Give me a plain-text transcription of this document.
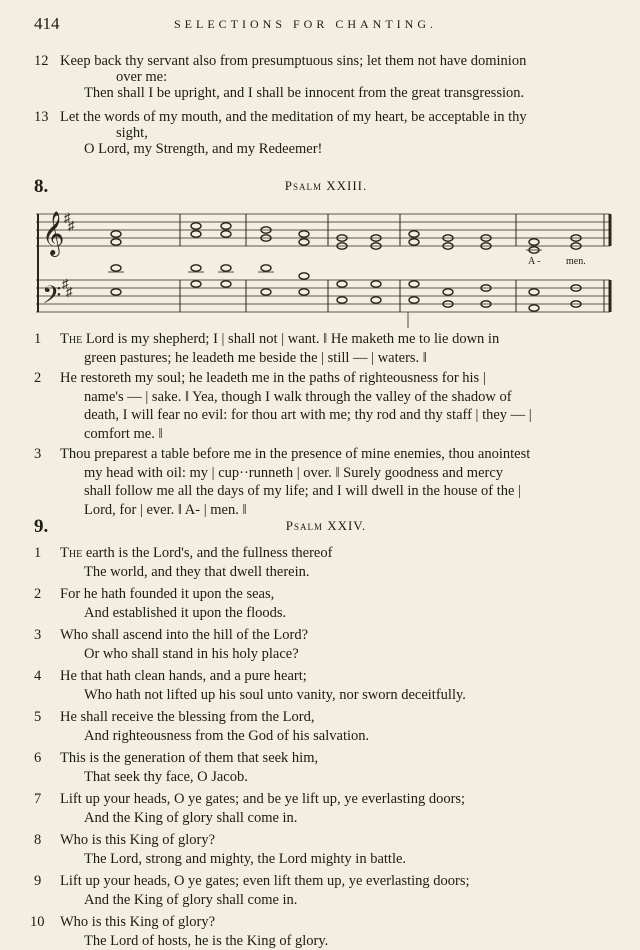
414	SELECTIONS FOR CHANTING.
12 Keep back thy servant also from presumptuous sins; let them not have dominion
over me:
Then shall I be upright, and I shall be innocent from the great transgression.
13 Let the words of my mouth, and the meditation of my heart, be acceptable in thy
sight,
O Lord, my Strength, and my Redeemer!
8.	Psalm XXIII.
𝄞
𝄢
♯
♯
♯
♯
A -	men.
1	The Lord is my shepherd; I | shall not | want. ‖ He maketh me to lie down in
green pastures; he leadeth me beside the | still — | waters. ‖
2	He restoreth my soul; he leadeth me in the paths of righteousness for his |
name's — | sake. ‖ Yea, though I walk through the valley of the shadow of
death, I will fear no evil: for thou art with me; thy rod and thy staff | they — |
comfort me. ‖
3	Thou preparest a table before me in the presence of mine enemies, thou anointest
my head with oil: my | cup··runneth | over. ‖ Surely goodness and mercy
shall follow me all the days of my life; and I will dwell in the house of the |
Lord, for | ever. ‖ A- | men. ‖
9.	Psalm XXIV.
1	The earth is the Lord's, and the fullness thereof
The world, and they that dwell therein.
2	For he hath founded it upon the seas,
And established it upon the floods.
3	Who shall ascend into the hill of the Lord?
Or who shall stand in his holy place?
4	He that hath clean hands, and a pure heart;
Who hath not lifted up his soul unto vanity, nor sworn deceitfully.
5	He shall receive the blessing from the Lord,
And righteousness from the God of his salvation.
6	This is the generation of them that seek him,
That seek thy face, O Jacob.
7	Lift up your heads, O ye gates; and be ye lift up, ye everlasting doors;
And the King of glory shall come in.
8	Who is this King of glory?
The Lord, strong and mighty, the Lord mighty in battle.
9	Lift up your heads, O ye gates; even lift them up, ye everlasting doors;
And the King of glory shall come in.
10	Who is this King of glory?
The Lord of hosts, he is the King of glory.
